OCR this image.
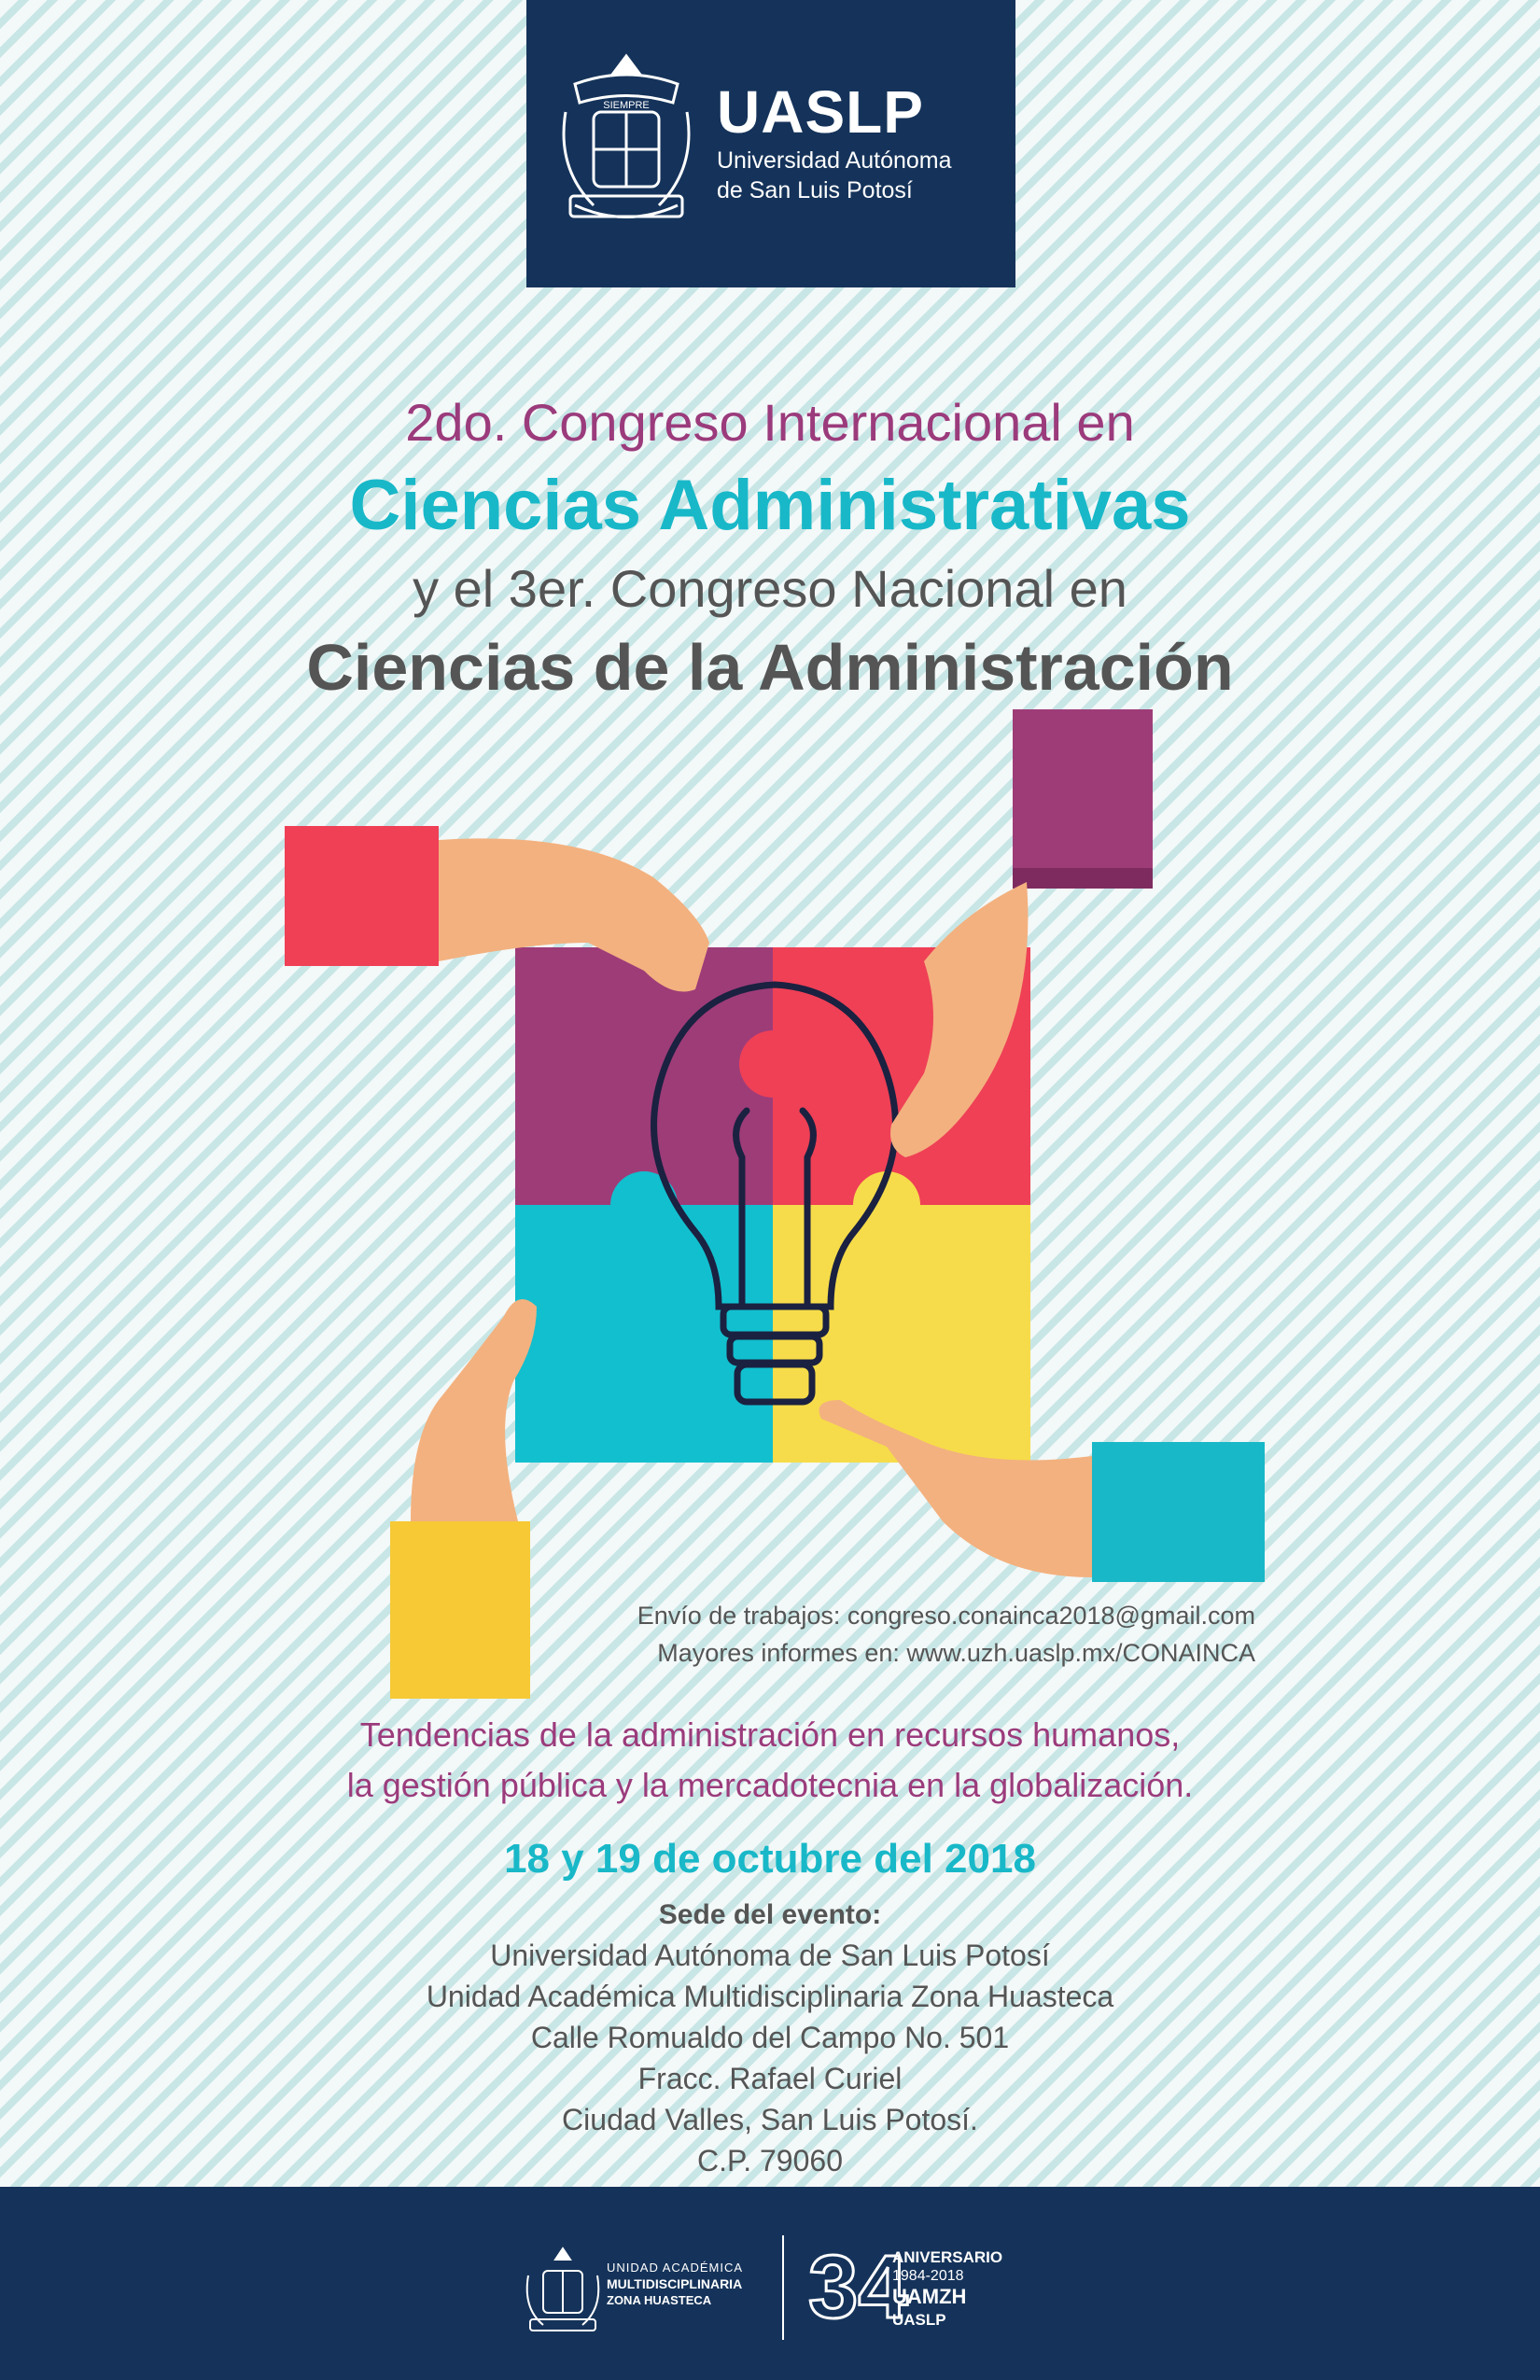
SIEMPRE UASLP
Universidad Autónoma
de San Luis Potosí
2do. Congreso Internacional en
Ciencias Administrativas
y el 3er. Congreso Nacional en
Ciencias de la Administración
Envío de trabajos: congreso.conainca2018@gmail.com
Mayores informes en: www.uzh.uaslp.mx/CONAINCA
Tendencias de la administración en recursos humanos,
la gestión pública y la mercadotecnia en la globalización.
18 y 19 de octubre del 2018
Sede del evento:
Universidad Autónoma de San Luis Potosí
Unidad Académica Multidisciplinaria Zona Huasteca
Calle Romualdo del Campo No. 501
Fracc. Rafael Curiel
Ciudad Valles, San Luis Potosí.
C.P. 79060
UNIDAD ACADÉMICA
MULTIDISCIPLINARIA
ZONA HUASTECA 34
ANIVERSARIO
1984-2018
UAMZH
UASLP
